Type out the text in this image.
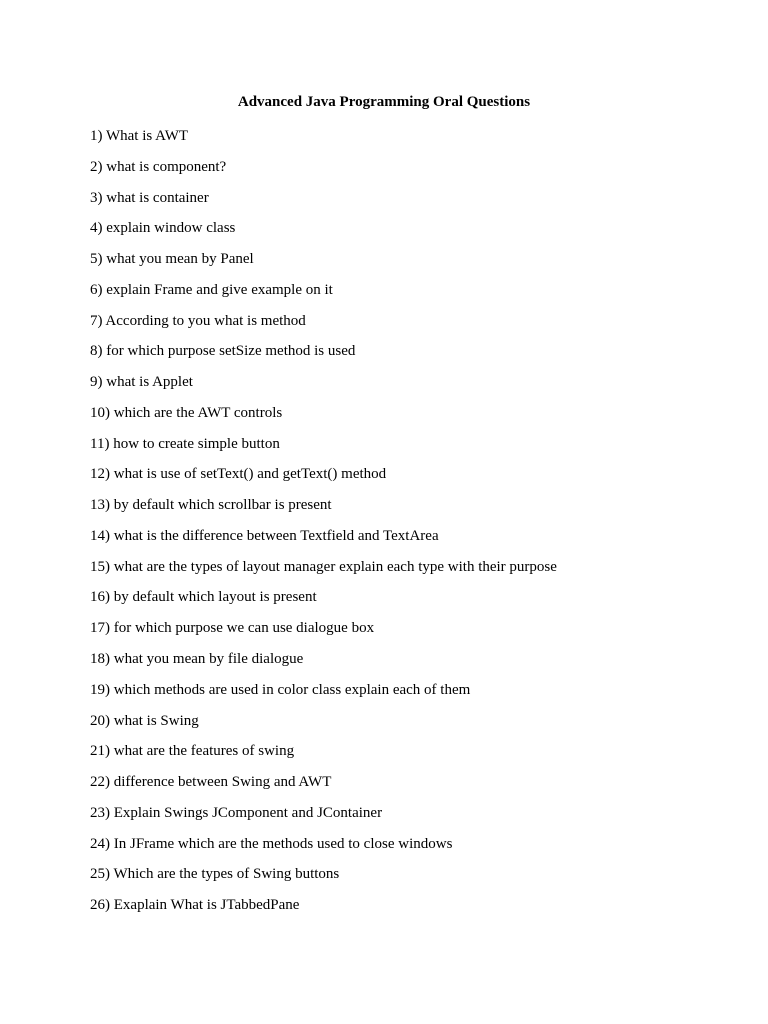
Advanced Java Programming Oral Questions
1) What is AWT
2) what is component?
3) what is container
4) explain window class
5) what you mean by Panel
6) explain Frame and give example on it
7) According to you what is method
8) for which purpose setSize method is used
9) what is Applet
10) which are the AWT controls
11) how to create simple button
12) what is use of setText() and getText() method
13) by default which scrollbar is present
14) what is the difference between Textfield and TextArea
15) what are the types of layout manager explain each type with their purpose
16) by default which layout is present
17) for which purpose we can use dialogue box
18) what you mean by file dialogue
19) which methods are used in color class explain each of them
20) what is Swing
21) what are the features of swing
22) difference between Swing and AWT
23) Explain Swings JComponent and JContainer
24) In JFrame which are the methods used to close windows
25) Which are the types of Swing buttons
26) Exaplain What is JTabbedPane
